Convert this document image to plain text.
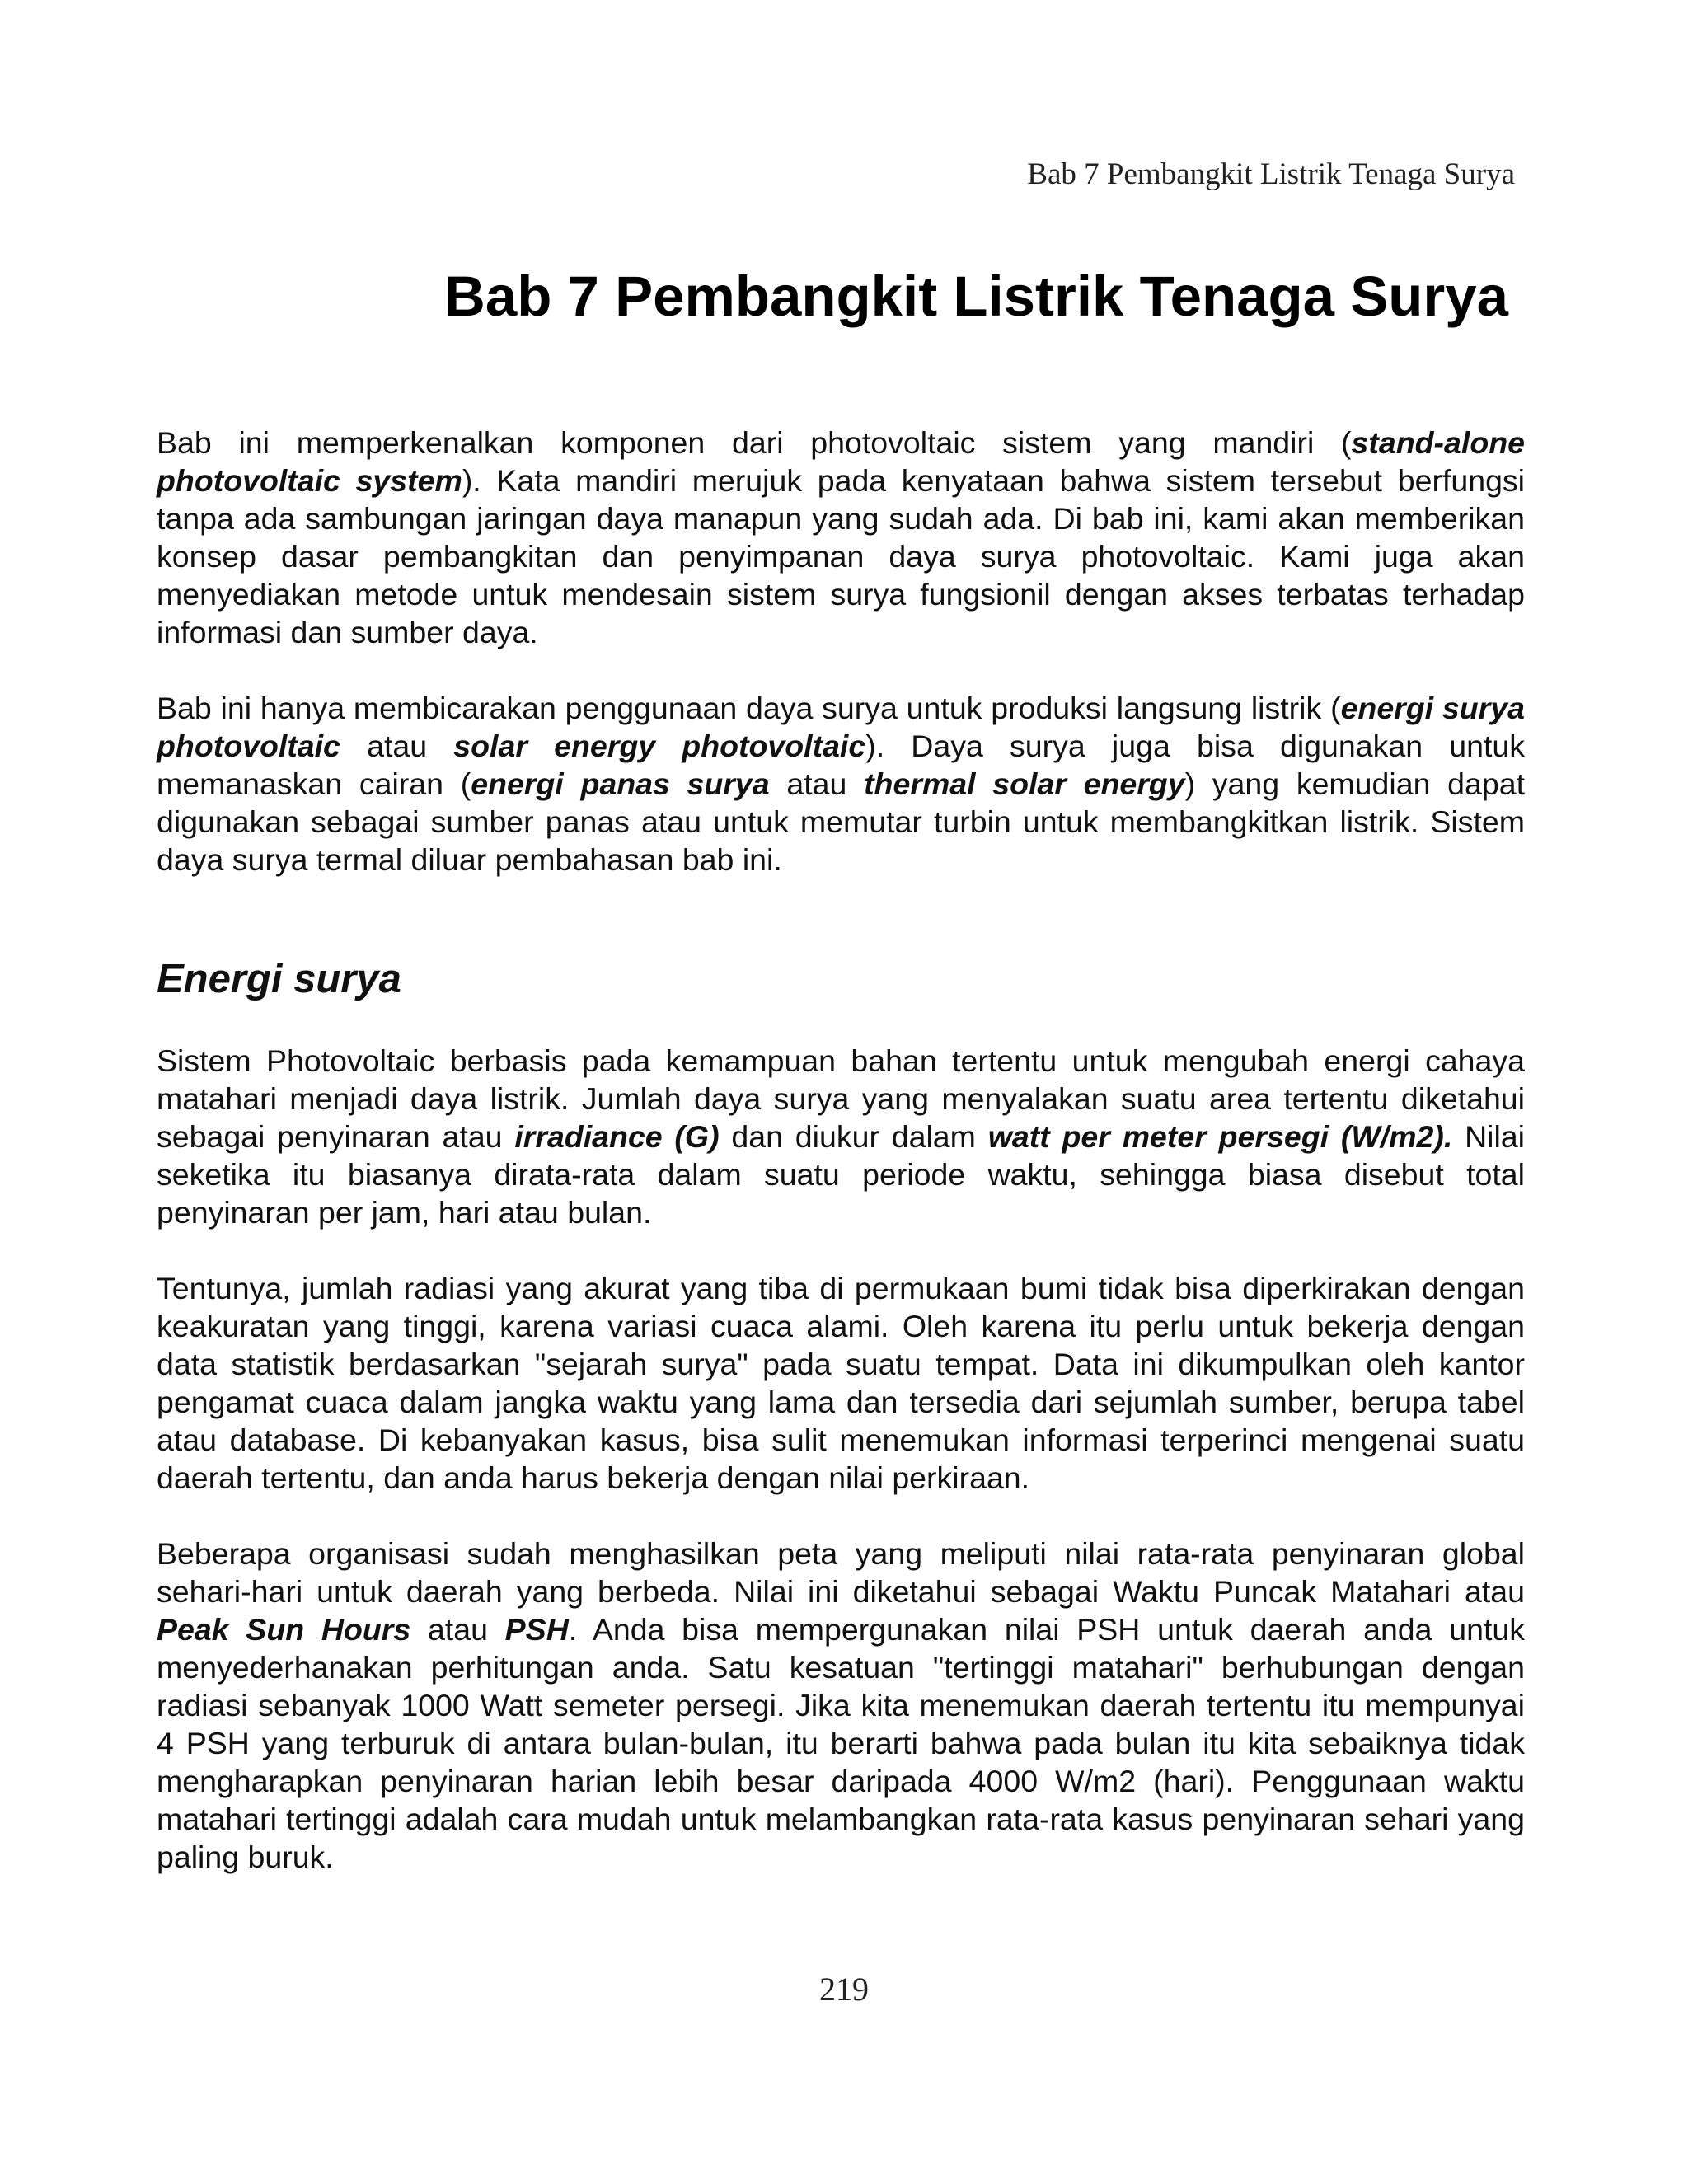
Bab 7 Pembangkit Listrik Tenaga Surya
Bab 7 Pembangkit Listrik Tenaga Surya

Bab ini memperkenalkan komponen dari photovoltaic sistem yang mandiri (stand-alone photovoltaic system). Kata mandiri merujuk pada kenyataan bahwa sistem tersebut berfungsi tanpa ada sambungan jaringan daya manapun yang sudah ada. Di bab ini, kami akan memberikan konsep dasar pembangkitan dan penyimpanan daya surya photovoltaic. Kami juga akan menyediakan metode untuk mendesain sistem surya fungsionil dengan akses terbatas terhadap informasi dan sumber daya.

Bab ini hanya membicarakan penggunaan daya surya untuk produksi langsung listrik (energi surya photovoltaic atau solar energy photovoltaic). Daya surya juga bisa digunakan untuk memanaskan cairan (energi panas surya atau thermal solar energy) yang kemudian dapat digunakan sebagai sumber panas atau untuk memutar turbin untuk membangkitkan listrik. Sistem daya surya termal diluar pembahasan bab ini.

Energi surya

Sistem Photovoltaic berbasis pada kemampuan bahan tertentu untuk mengubah energi cahaya matahari menjadi daya listrik. Jumlah daya surya yang menyalakan suatu area tertentu diketahui sebagai penyinaran atau irradiance (G) dan diukur dalam watt per meter persegi (W/m2). Nilai seketika itu biasanya dirata-rata dalam suatu periode waktu, sehingga biasa disebut total penyinaran per jam, hari atau bulan.

Tentunya, jumlah radiasi yang akurat yang tiba di permukaan bumi tidak bisa diperkirakan dengan keakuratan yang tinggi, karena variasi cuaca alami. Oleh karena itu perlu untuk bekerja dengan data statistik berdasarkan "sejarah surya" pada suatu tempat. Data ini dikumpulkan oleh kantor pengamat cuaca dalam jangka waktu yang lama dan tersedia dari sejumlah sumber, berupa tabel atau database. Di kebanyakan kasus, bisa sulit menemukan informasi terperinci mengenai suatu daerah tertentu, dan anda harus bekerja dengan nilai perkiraan.

Beberapa organisasi sudah menghasilkan peta yang meliputi nilai rata-rata penyinaran global sehari-hari untuk daerah yang berbeda. Nilai ini diketahui sebagai Waktu Puncak Matahari atau Peak Sun Hours atau PSH. Anda bisa mempergunakan nilai PSH untuk daerah anda untuk menyederhanakan perhitungan anda. Satu kesatuan "tertinggi matahari" berhubungan dengan radiasi sebanyak 1000 Watt semeter persegi. Jika kita menemukan daerah tertentu itu mempunyai 4 PSH yang terburuk di antara bulan-bulan, itu berarti bahwa pada bulan itu kita sebaiknya tidak mengharapkan penyinaran harian lebih besar daripada 4000 W/m2 (hari). Penggunaan waktu matahari tertinggi adalah cara mudah untuk melambangkan rata-rata kasus penyinaran sehari yang paling buruk.

219
